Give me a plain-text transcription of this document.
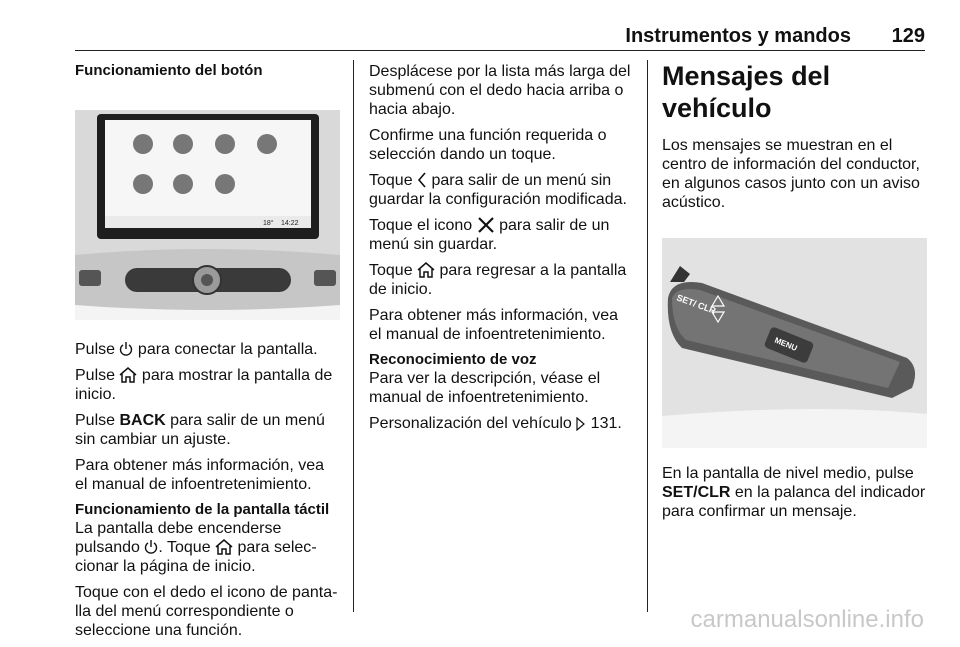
Instrumentos y mandos 129
Funcionamiento del botón
18° 14:22

Pulse  para conectar la pantalla.

Pulse  para mostrar la pantalla de inicio.

Pulse BACK para salir de un menú sin cambiar un ajuste.

Para obtener más información, vea el manual de infoentretenimiento.

Funcionamiento de la pantalla táctil

La pantalla debe encenderse pulsando . Toque  para seleccionar la página de inicio.

Toque con el dedo el icono de pantalla del menú correspondiente o seleccione una función.

Desplácese por la lista más larga del submenú con el dedo hacia arriba o hacia abajo.

Confirme una función requerida o selección dando un toque.

Toque  para salir de un menú sin guardar la configuración modificada.

Toque el icono  para salir de un menú sin guardar.

Toque  para regresar a la pantalla de inicio.

Para obtener más información, vea el manual de infoentretenimiento.

Reconocimiento de voz

Para ver la descripción, véase el manual de infoentretenimiento.

Personalización del vehículo  131.

Mensajes del vehículo

Los mensajes se muestran en el centro de información del conductor, en algunos casos junto con un aviso acústico.

SET/ CLR
MENU

En la pantalla de nivel medio, pulse SET/CLR en la palanca del indicador para confirmar un mensaje.

carmanualsonline.info
